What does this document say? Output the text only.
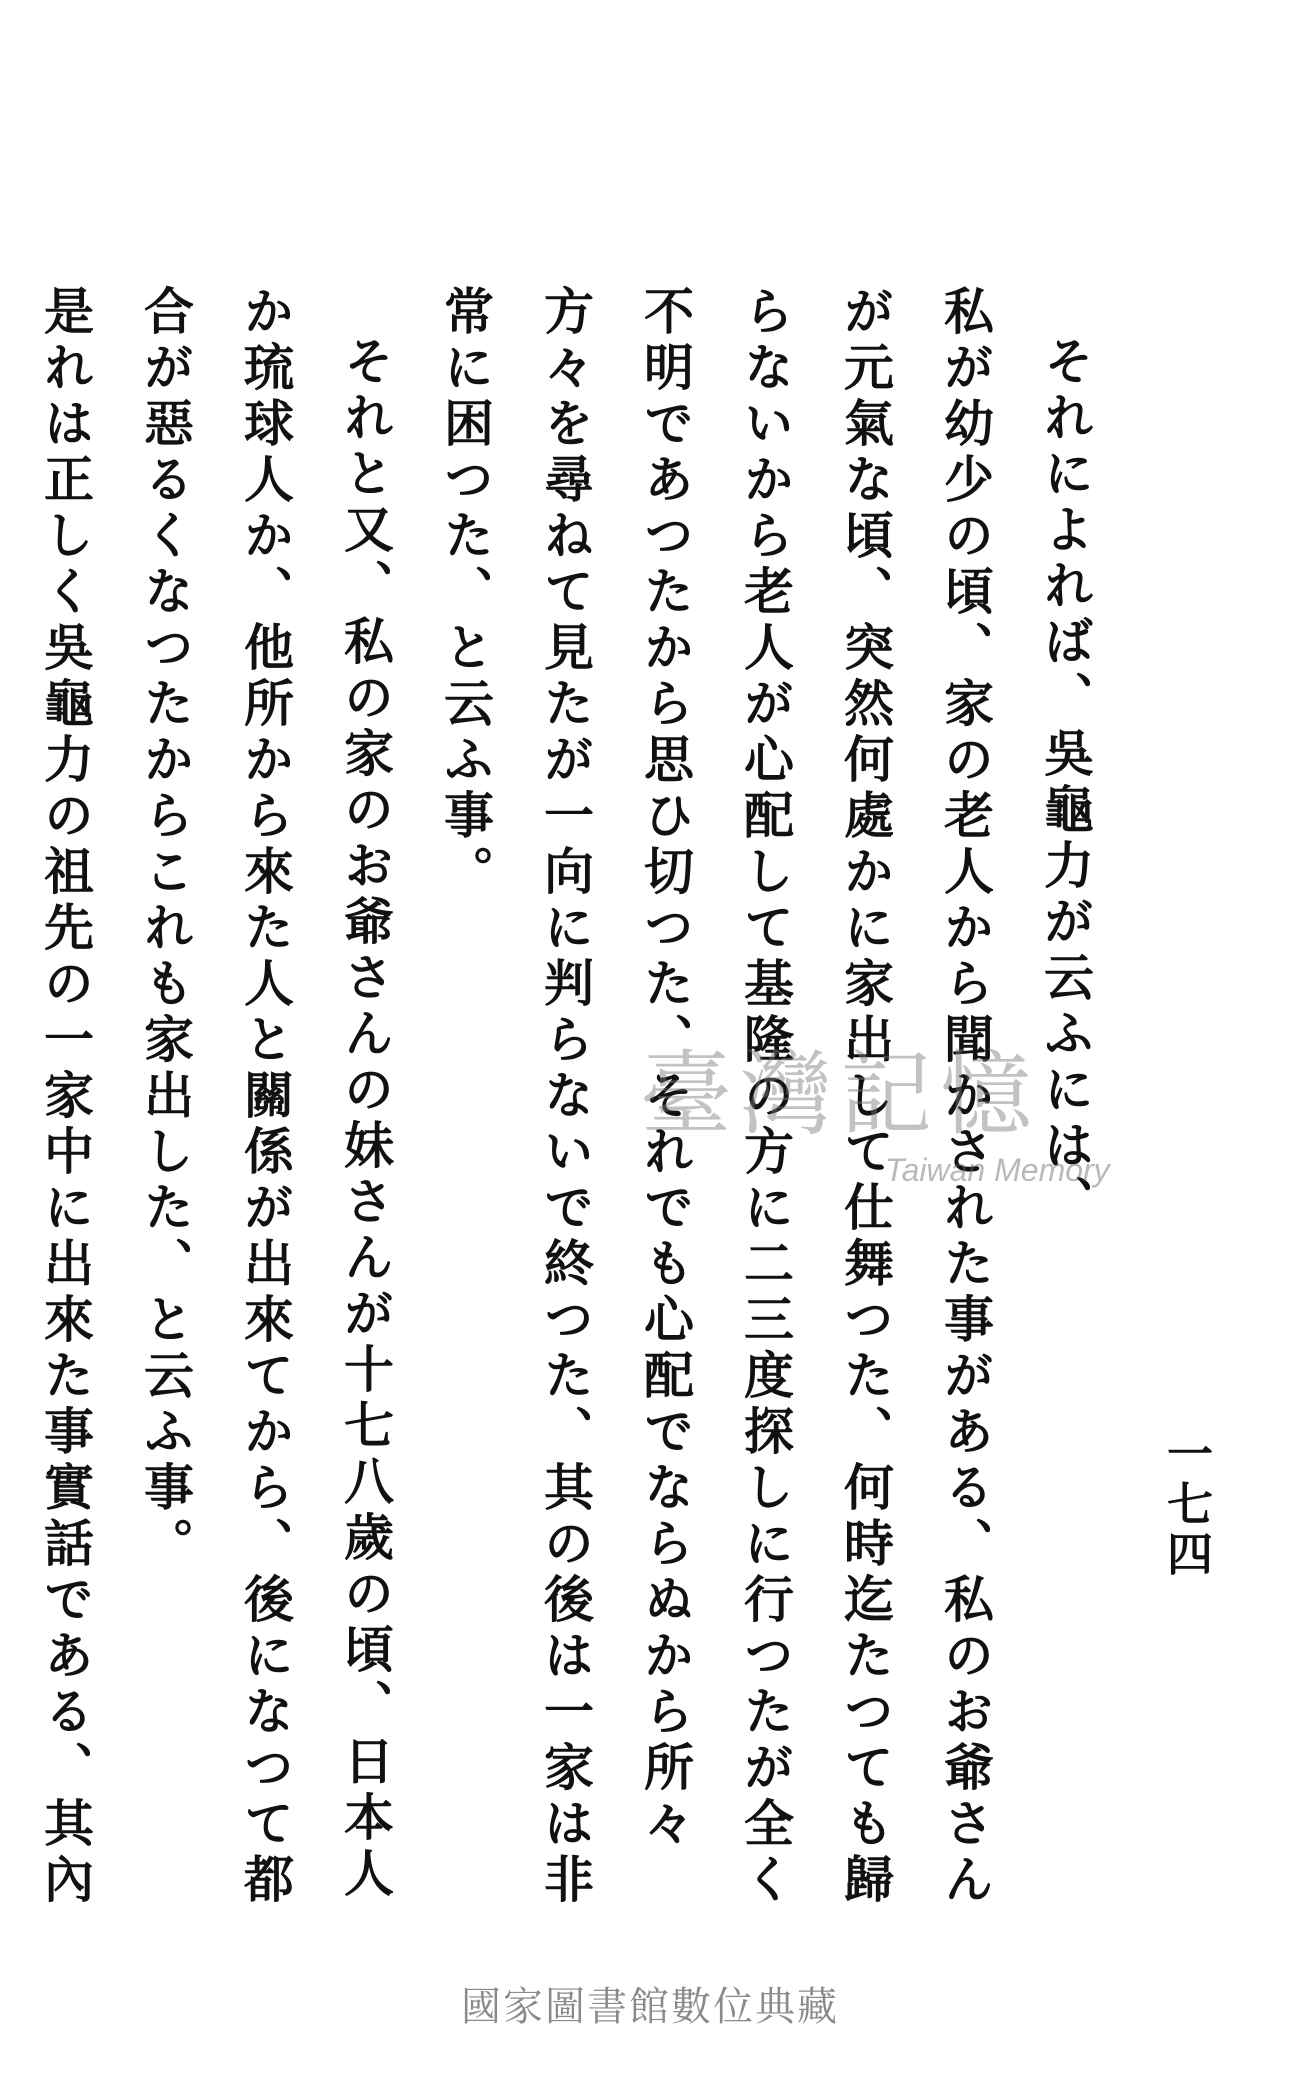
それによれば、吳龜力が云ふには、

私が幼少の頃、家の老人から聞かされた事がある、私のお爺さんが元氣な頃、突然何處かに家出して仕舞つた、何時迄たつても歸らないから老人が心配して基隆の方に二三度探しに行つたが全く不明であつたから思ひ切つた、それでも心配でならぬから所々方々を尋ねて見たが一向に判らないで終つた、其の後は一家は非常に困つた、と云ふ事。

それと又、私の家のお爺さんの妹さんが十七八歲の頃、日本人か琉球人か、他所から來た人と關係が出來てから、後になつて都合が惡るくなつたからこれも家出した、と云ふ事。

是れは正しく吳龜力の祖先の一家中に出來た事實話である、其內

一七四
臺灣記憶
Taiwan Memory
國家圖書館數位典藏
